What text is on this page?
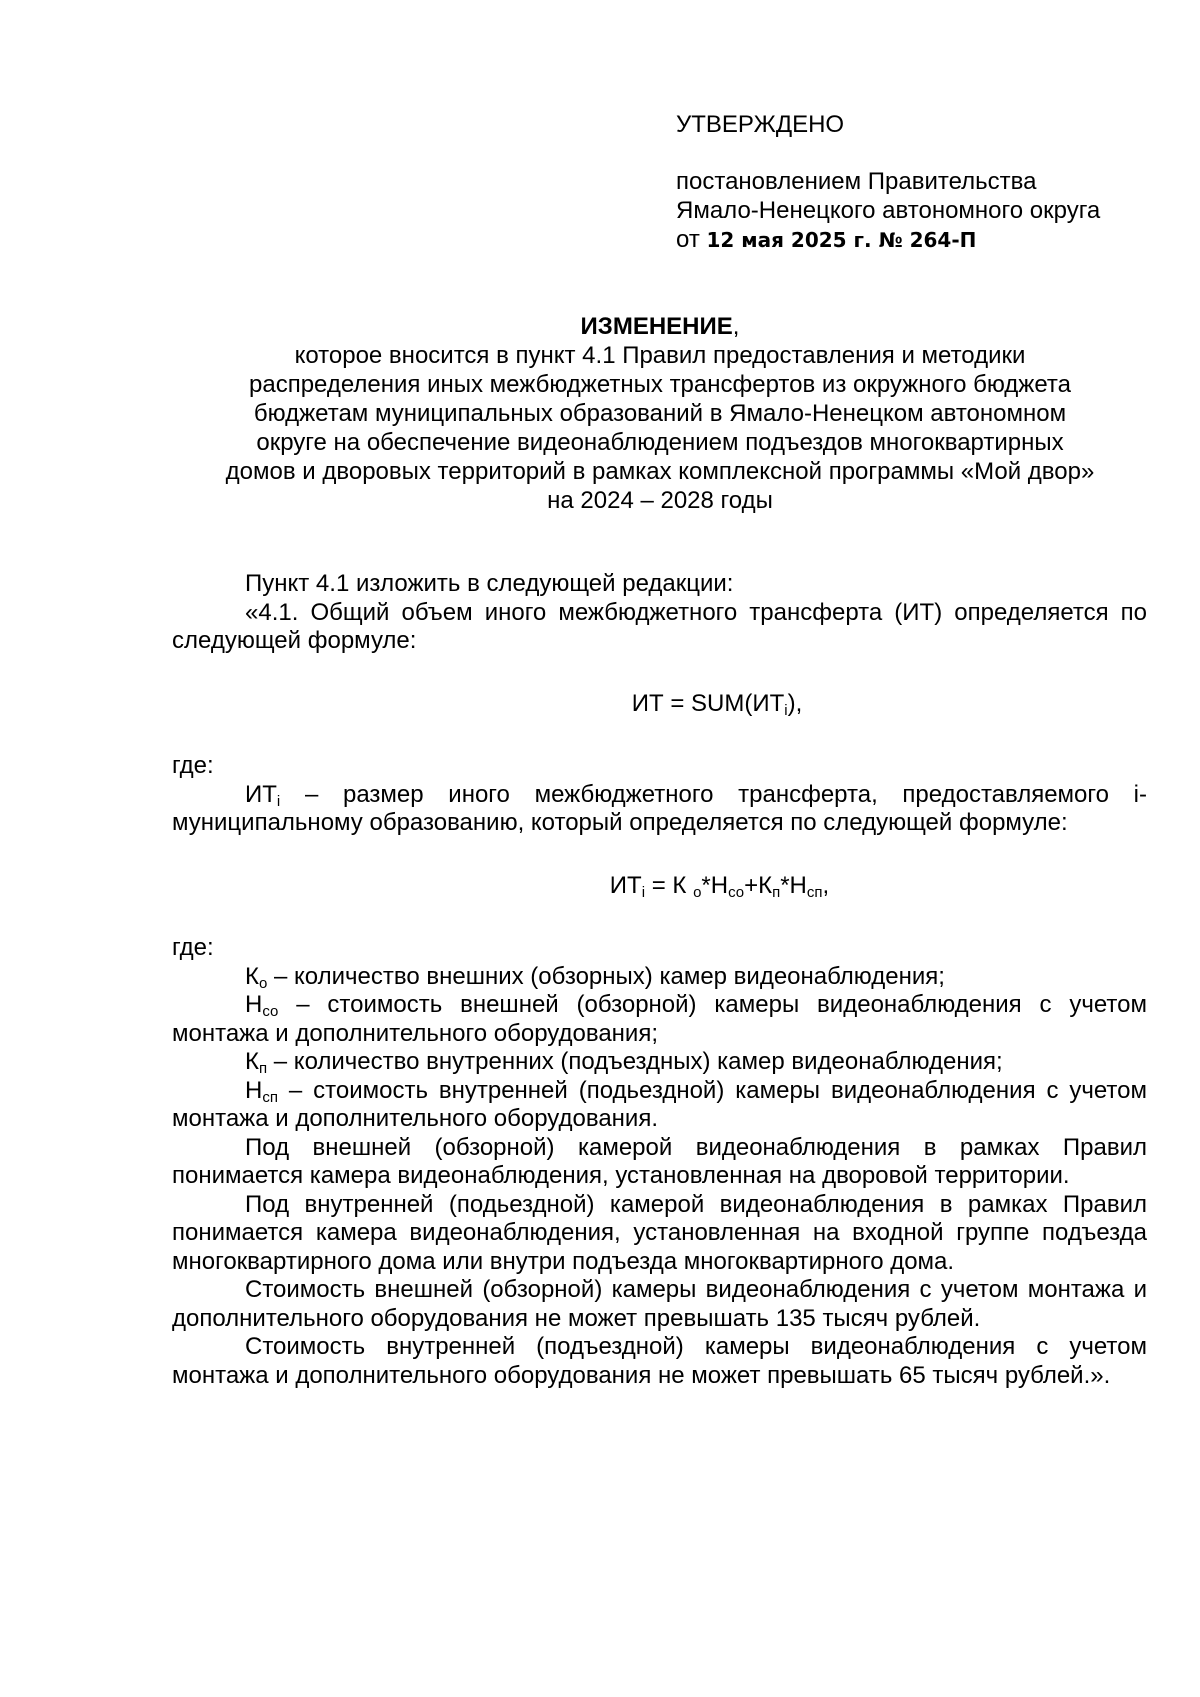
УТВЕРЖДЕНО
постановлением Правительства
Ямало-Ненецкого автономного округа
от 12 мая 2025 г. № 264-П
ИЗМЕНЕНИЕ,
которое вносится в пункт 4.1 Правил предоставления и методики
распределения иных межбюджетных трансфертов из окружного бюджета
бюджетам муниципальных образований в Ямало-Ненецком автономном
округе на обеспечение видеонаблюдением подъездов многоквартирных
домов и дворовых территорий в рамках комплексной программы «Мой двор»
на 2024 – 2028 годы

Пункт 4.1 изложить в следующей редакции:

«4.1. Общий объем иного межбюджетного трансферта (ИТ) определяется по следующей формуле:

ИТ = $SUM(ИТ_i)$,

где:

$ИТ_i$ – размер иного межбюджетного трансферта, предоставляемого i-муниципальному образованию, который определяется по следующей формуле:

$ИТ_i = К$ $_о*Н_{со}+К_п*Н_{сп}$,

где:

$К_о$ – количество внешних (обзорных) камер видеонаблюдения;

$Н_{со}$ – стоимость внешней (обзорной) камеры видеонаблюдения с учетом монтажа и дополнительного оборудования;

$К_п$ – количество внутренних (подъездных) камер видеонаблюдения;

$Н_{сп}$ – стоимость внутренней (подьездной) камеры видеонаблюдения с учетом монтажа и дополнительного оборудования.

Под внешней (обзорной) камерой видеонаблюдения в рамках Правил понимается камера видеонаблюдения, установленная на дворовой территории.

Под внутренней (подьездной) камерой видеонаблюдения в рамках Правил понимается камера видеонаблюдения, установленная на входной группе подъезда многоквартирного дома или внутри подъезда многоквартирного дома.

Стоимость внешней (обзорной) камеры видеонаблюдения с учетом монтажа и дополнительного оборудования не может превышать 135 тысяч рублей.

Стоимость внутренней (подъездной) камеры видеонаблюдения с учетом монтажа и дополнительного оборудования не может превышать 65 тысяч рублей.».
